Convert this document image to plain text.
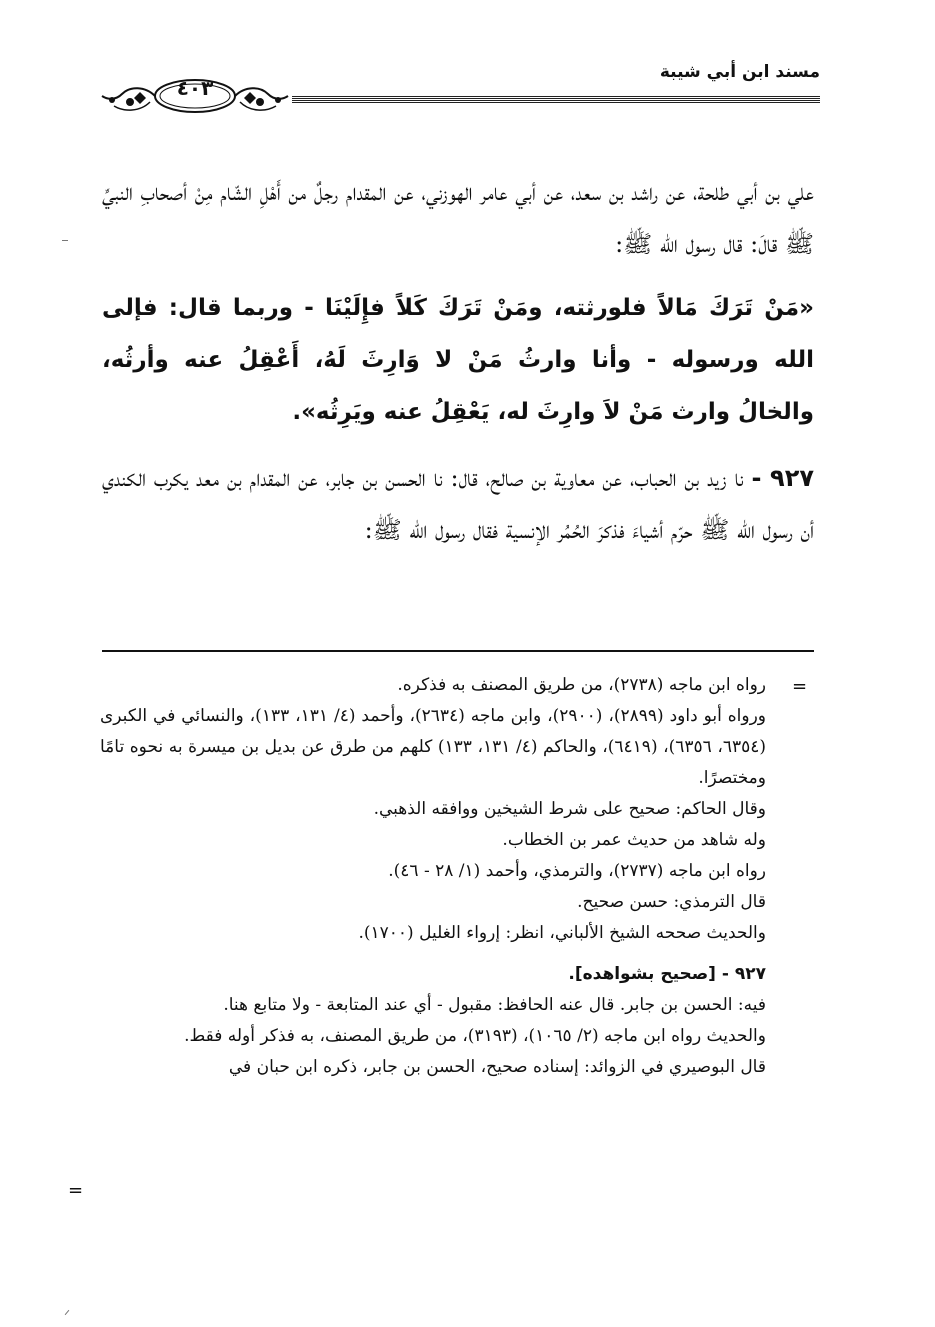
مسند ابن أبي شيبة
٤٠٣

علي بن أبي طلحة، عن راشد بن سعد، عن أبي عامر الهوزني، عن المقدام رجلٌ من أَهْلِ الشّام مِنْ أصحابِ النبيِّ ﷺ قالَ: قال رسول الله ﷺ:

«مَنْ تَرَكَ مَالاً فلورثته، ومَنْ تَرَكَ كَلاً فإِلَيْنَا - وربما قال: فإلى الله ورسوله - وأنا وارثُ مَنْ لا وَارِثَ لَهُ، أَعْقِلُ عنه وأرثُه، والخالُ وارث مَنْ لاَ وارِثَ له، يَعْقِلُ عنه ويَرِثُه».

٩٢٧ - نا زيد بن الحباب، عن معاوية بن صالح، قال: نا الحسن بن جابر، عن المقدام بن معد يكرب الكندي أن رسول الله ﷺ حرّم أشياءَ فذكرَ الحُمُر الإنسية فقال رسول الله ﷺ:

=

رواه ابن ماجه (٢٧٣٨)، من طريق المصنف به فذكره.

ورواه أبو داود (٢٨٩٩)، (٢٩٠٠)، وابن ماجه (٢٦٣٤)، وأحمد (٤/ ١٣١، ١٣٣)، والنسائي في الكبرى (٦٣٥٤، ٦٣٥٦)، (٦٤١٩)، والحاكم (٤/ ١٣١، ١٣٣) كلهم من طرق عن بديل بن ميسرة به نحوه تامًا ومختصرًا.

وقال الحاكم: صحيح على شرط الشيخين ووافقه الذهبي.

وله شاهد من حديث عمر بن الخطاب.

رواه ابن ماجه (٢٧٣٧)، والترمذي، وأحمد (١/ ٢٨ - ٤٦).

قال الترمذي: حسن صحيح.

والحديث صححه الشيخ الألباني، انظر: إرواء الغليل (١٧٠٠).

٩٢٧ - [صحيح بشواهده].

فيه: الحسن بن جابر. قال عنه الحافظ: مقبول - أي عند المتابعة - ولا متابع هنا.

والحديث رواه ابن ماجه (٢/ ١٠٦٥)، (٣١٩٣)، من طريق المصنف، به فذكر أوله فقط.

قال البوصيري في الزوائد: إسناده صحيح، الحسن بن جابر، ذكره ابن حبان في

=
